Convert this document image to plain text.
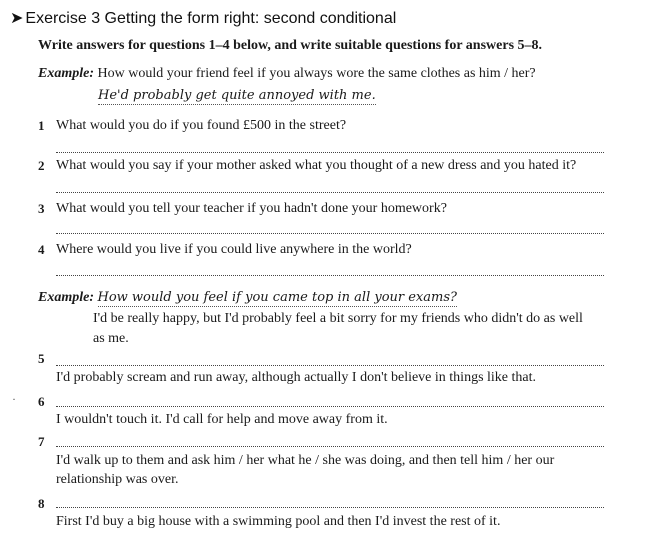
➤ Exercise 3 Getting the form right: second conditional
Write answers for questions 1–4 below, and write suitable questions for answers 5–8.
Example: How would your friend feel if you always wore the same clothes as him / her?
He'd probably get quite annoyed with me.
1 What would you do if you found £500 in the street?
2 What would you say if your mother asked what you thought of a new dress and you hated it?
3 What would you tell your teacher if you hadn't done your homework?
4 Where would you live if you could live anywhere in the world?
Example: How would you feel if you came top in all your exams?
I'd be really happy, but I'd probably feel a bit sorry for my friends who didn't do as well
as me.
5
I'd probably scream and run away, although actually I don't believe in things like that.
· 6
I wouldn't touch it. I'd call for help and move away from it.
7
I'd walk up to them and ask him / her what he / she was doing, and then tell him / her our
relationship was over.
8
First I'd buy a big house with a swimming pool and then I'd invest the rest of it.
